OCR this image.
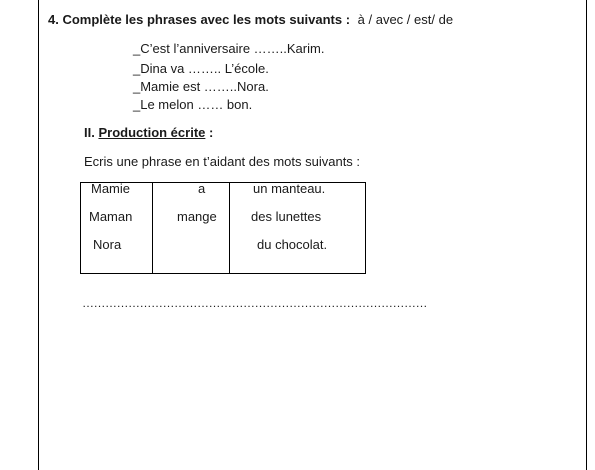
4. Complète les phrases avec les mots suivants : à / avec / est/ de
_C’est l’anniversaire ……..Karim.
_Dina va …….. L’école.
_Mamie est ……..Nora.
_Le melon …… bon.
II. Production écrite :
Ecris une phrase en t’aidant des mots suivants :
Mamie
Maman
Nora
a
mange
un manteau.
des lunettes
du chocolat.
………………………………………………………………………………
